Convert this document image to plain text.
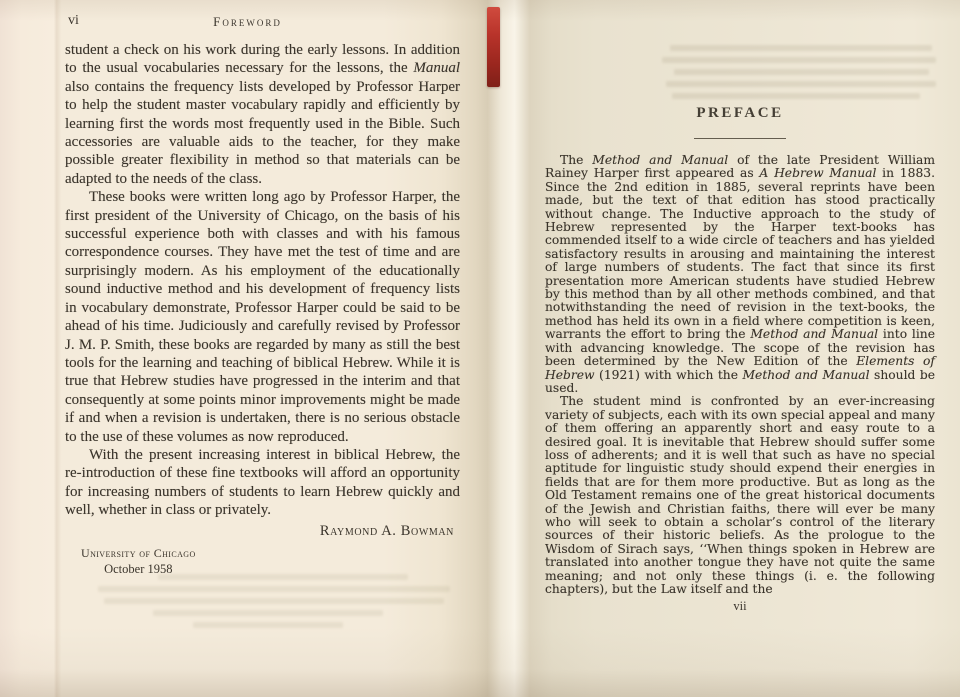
vi	Foreword

student a check on his work during the early lessons. In addition to the usual vocabularies necessary for the lessons, the Manual also contains the frequency lists developed by Professor Harper to help the student master vocabulary rapidly and efficiently by learning first the words most frequently used in the Bible. Such accessories are valuable aids to the teacher, for they make possible greater flexibility in method so that materials can be adapted to the needs of the class.

These books were written long ago by Professor Harper, the first president of the University of Chicago, on the basis of his successful experience both with classes and with his famous correspondence courses. They have met the test of time and are surprisingly modern. As his employment of the educationally sound inductive method and his development of frequency lists in vocabulary demonstrate, Professor Harper could be said to be ahead of his time. Judiciously and carefully revised by Professor J. M. P. Smith, these books are regarded by many as still the best tools for the learning and teaching of biblical Hebrew. While it is true that Hebrew studies have progressed in the interim and that consequently at some points minor improvements might be made if and when a revision is undertaken, there is no serious obstacle to the use of these volumes as now reproduced.

With the present increasing interest in biblical Hebrew, the re-introduction of these fine textbooks will afford an opportunity for increasing numbers of students to learn Hebrew quickly and well, whether in class or privately.

Raymond A. Bowman
University of Chicago
October 1958
PREFACE

The Method and Manual of the late President William Rainey Harper first appeared as A Hebrew Manual in 1883. Since the 2nd edition in 1885, several reprints have been made, but the text of that edition has stood practically without change. The Inductive approach to the study of Hebrew represented by the Harper text-books has commended itself to a wide circle of teachers and has yielded satisfactory results in arousing and maintaining the interest of large numbers of students. The fact that since its first presentation more American students have studied Hebrew by this method than by all other methods combined, and that notwithstanding the need of revision in the text-books, the method has held its own in a field where competition is keen, warrants the effort to bring the Method and Manual into line with advancing knowledge. The scope of the revision has been determined by the New Edition of the Elements of Hebrew (1921) with which the Method and Manual should be used.

The student mind is confronted by an ever-increasing variety of subjects, each with its own special appeal and many of them offering an apparently short and easy route to a desired goal. It is inevitable that Hebrew should suffer some loss of adherents; and it is well that such as have no special aptitude for linguistic study should expend their energies in fields that are for them more productive. But as long as the Old Testament remains one of the great historical documents of the Jewish and Christian faiths, there will ever be many who will seek to obtain a scholar’s control of the literary sources of their historic beliefs. As the prologue to the Wisdom of Sirach says, ‘‘When things spoken in Hebrew are translated into another tongue they have not quite the same meaning; and not only these things (i. e. the following chapters), but the Law itself and the

vii
